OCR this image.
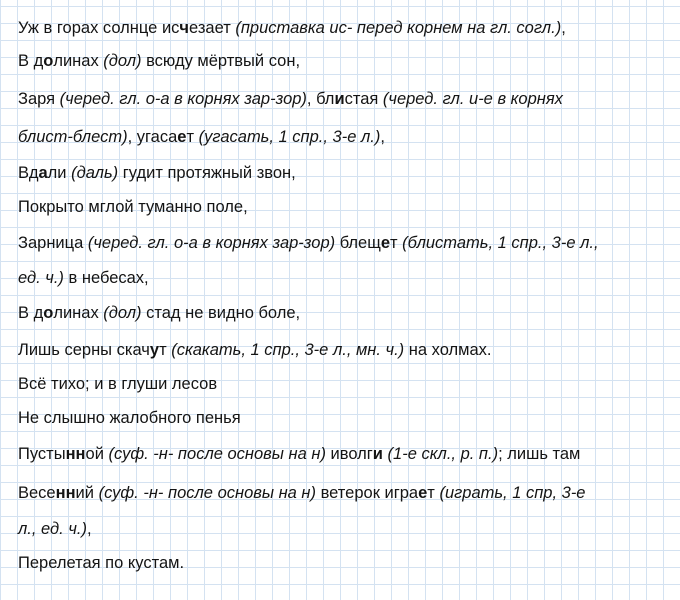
Уж в горах солнце исчезает (приставка ис- перед корнем на гл. согл.),
В долинах (дол) всюду мёртвый сон,
Заря (черед. гл. о-а в корнях зар-зор), блистая (черед. гл. и-е в корнях
блист-блест), угасает (угасать, 1 спр., 3-е л.),
Вдали (даль) гудит протяжный звон,
Покрыто мглой туманно поле,
Зарница (черед. гл. о-а в корнях зар-зор) блещет (блистать, 1 спр., 3-е л.,
ед. ч.) в небесах,
В долинах (дол) стад не видно боле,
Лишь серны скачут (скакать, 1 спр., 3-е л., мн. ч.) на холмах.
Всё тихо; и в глуши лесов
Не слышно жалобного пенья
Пустынной (суф. -н- после основы на н) иволги (1-е скл., р. п.); лишь там
Весенний (суф. -н- после основы на н) ветерок играет (играть, 1 спр, 3-е
л., ед. ч.),
Перелетая по кустам.
